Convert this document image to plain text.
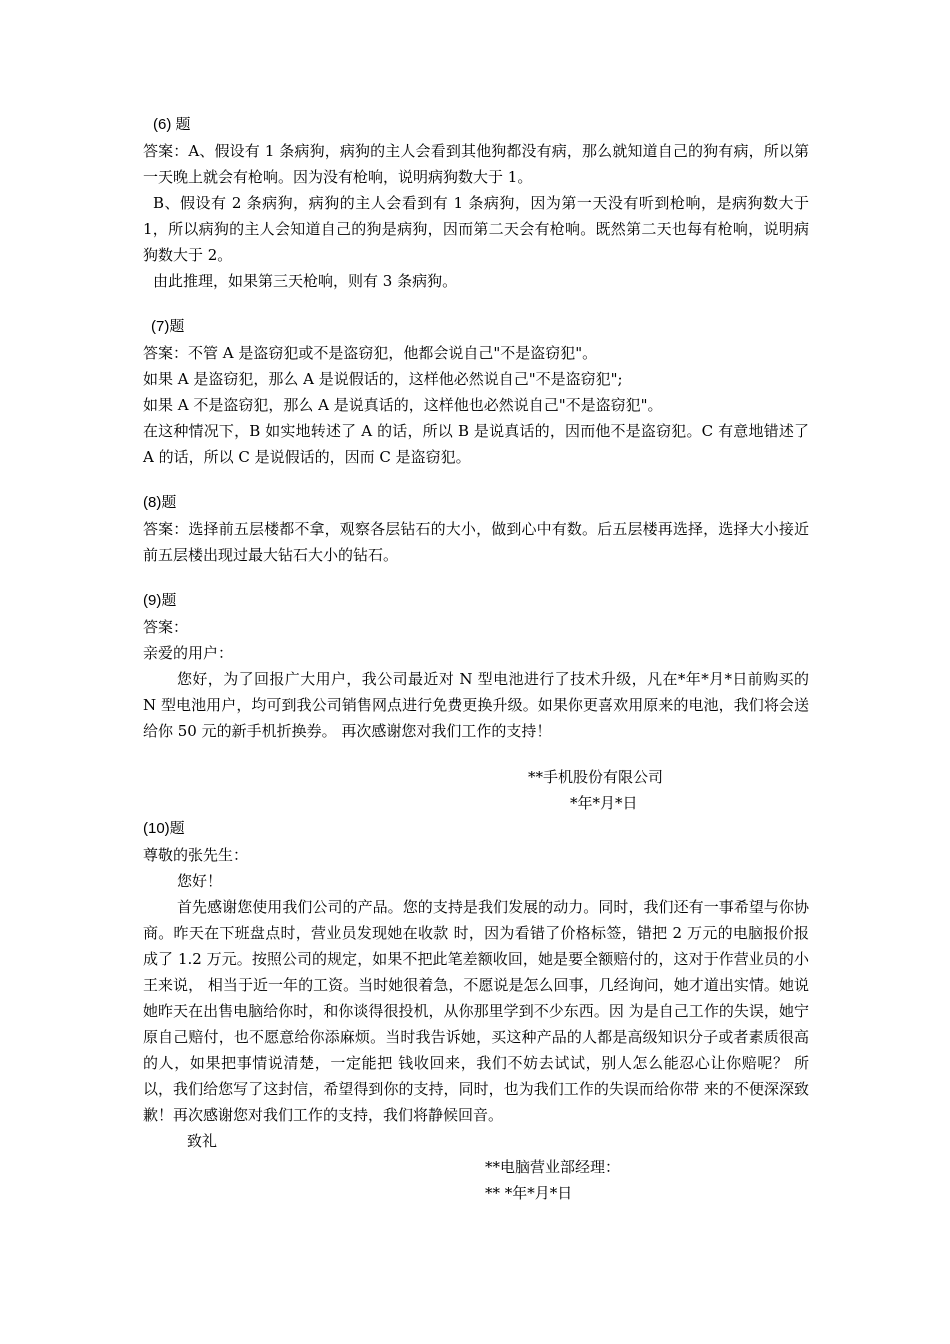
(6) 题

答案：A、假设有 1 条病狗，病狗的主人会看到其他狗都没有病，那么就知道自己的狗有病，所以第一天晚上就会有枪响。因为没有枪响，说明病狗数大于 1。

B、假设有 2 条病狗，病狗的主人会看到有 1 条病狗，因为第一天没有听到枪响，是病狗数大于 1，所以病狗的主人会知道自己的狗是病狗，因而第二天会有枪响。既然第二天也每有枪响，说明病狗数大于 2。

由此推理，如果第三天枪响，则有 3 条病狗。

(7)题

答案：不管 A 是盗窃犯或不是盗窃犯，他都会说自己"不是盗窃犯"。

如果 A 是盗窃犯，那么 A 是说假话的，这样他必然说自己"不是盗窃犯";

如果 A 不是盗窃犯，那么 A 是说真话的，这样他也必然说自己"不是盗窃犯"。

在这种情况下，B 如实地转述了 A 的话，所以 B 是说真话的，因而他不是盗窃犯。C 有意地错述了 A 的话，所以 C 是说假话的，因而 C 是盗窃犯。

(8)题

答案：选择前五层楼都不拿，观察各层钻石的大小，做到心中有数。后五层楼再选择，选择大小接近前五层楼出现过最大钻石大小的钻石。

(9)题

答案：

亲爱的用户：

您好，为了回报广大用户，我公司最近对 N 型电池进行了技术升级，凡在*年*月*日前购买的 N 型电池用户，均可到我公司销售网点进行免费更换升级。如果你更喜欢用原来的电池，我们将会送给你 50 元的新手机折换券。 再次感谢您对我们工作的支持！

**手机股份有限公司

*年*月*日

(10)题

尊敬的张先生：

您好！

首先感谢您使用我们公司的产品。您的支持是我们发展的动力。同时，我们还有一事希望与你协商。昨天在下班盘点时，营业员发现她在收款 时，因为看错了价格标签，错把 2 万元的电脑报价报成了 1.2 万元。按照公司的规定，如果不把此笔差额收回，她是要全额赔付的，这对于作营业员的小王来说， 相当于近一年的工资。当时她很着急，不愿说是怎么回事，几经询问，她才道出实情。她说她昨天在出售电脑给你时，和你谈得很投机，从你那里学到不少东西。因 为是自己工作的失误，她宁原自己赔付，也不愿意给你添麻烦。当时我告诉她，买这种产品的人都是高级知识分子或者素质很高的人，如果把事情说清楚，一定能把 钱收回来，我们不妨去试试，别人怎么能忍心让你赔呢？ 所以，我们给您写了这封信，希望得到你的支持，同时，也为我们工作的失误而给你带 来的不便深深致歉！再次感谢您对我们工作的支持，我们将静候回音。

致礼

**电脑营业部经理：

** *年*月*日
